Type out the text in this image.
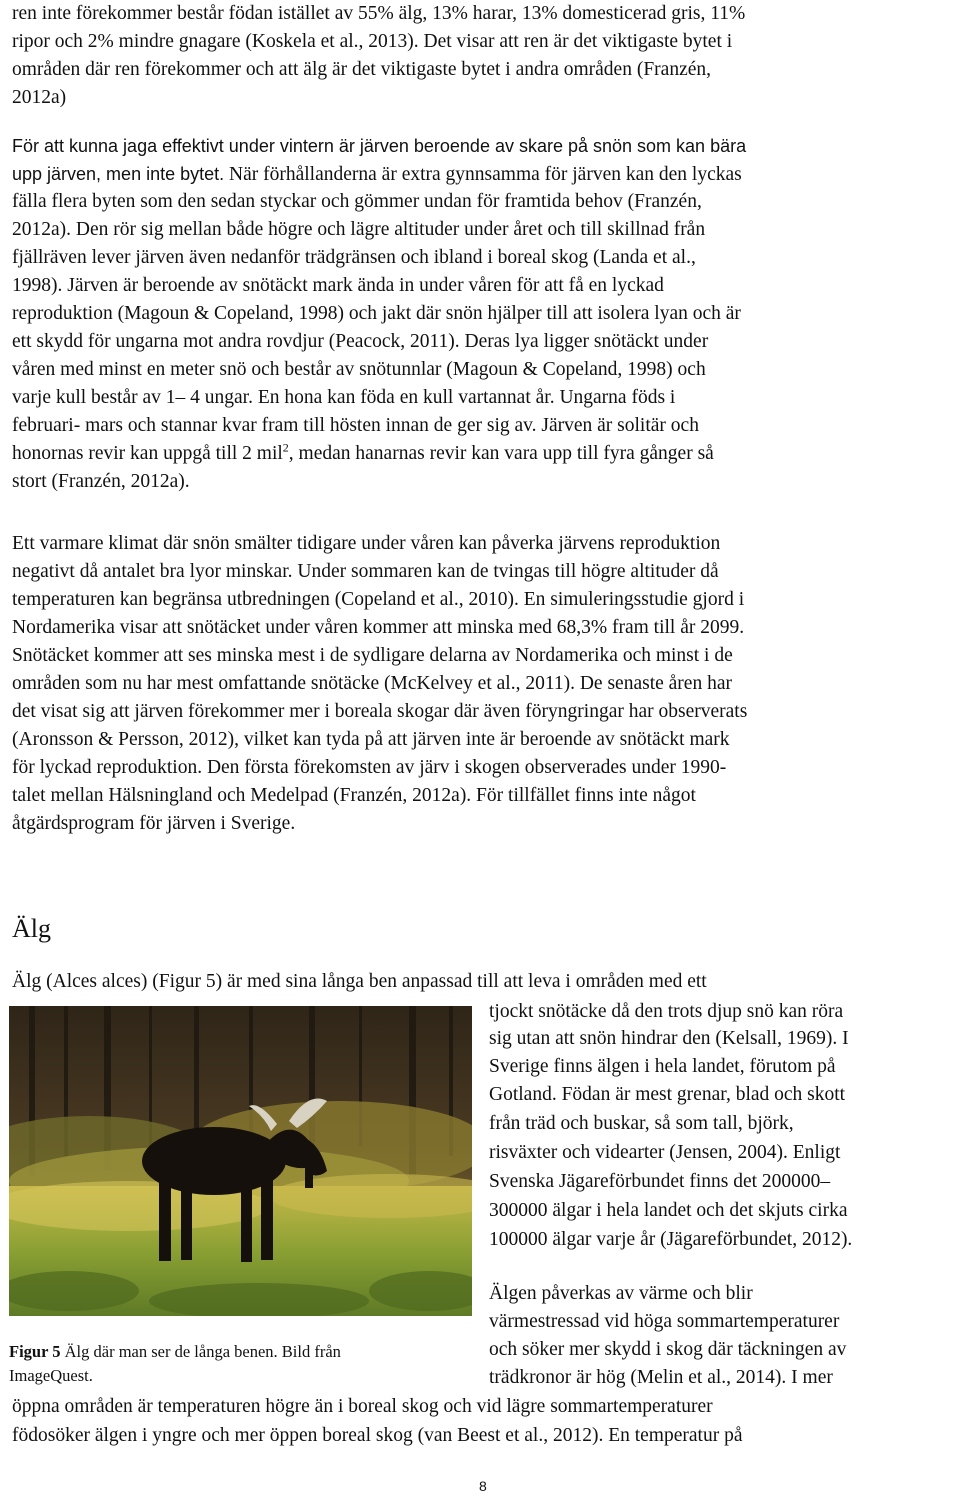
ren inte förekommer består födan istället av 55% älg, 13% harar, 13% domesticerad gris, 11%
ripor och 2% mindre gnagare (Koskela et al., 2013). Det visar att ren är det viktigaste bytet i
områden där ren förekommer och att älg är det viktigaste bytet i andra områden (Franzén,
2012a)
För att kunna jaga effektivt under vintern är järven beroende av skare på snön som kan bära
upp järven, men inte bytet. När förhållanderna är extra gynnsamma för järven kan den lyckas
fälla flera byten som den sedan styckar och gömmer undan för framtida behov (Franzén,
2012a). Den rör sig mellan både högre och lägre altituder under året och till skillnad från
fjällräven lever järven även nedanför trädgränsen och ibland i boreal skog (Landa et al.,
1998). Järven är beroende av snötäckt mark ända in under våren för att få en lyckad
reproduktion (Magoun & Copeland, 1998) och jakt där snön hjälper till att isolera lyan och är
ett skydd för ungarna mot andra rovdjur (Peacock, 2011). Deras lya ligger snötäckt under
våren med minst en meter snö och består av snötunnlar (Magoun & Copeland, 1998) och
varje kull består av 1– 4 ungar. En hona kan föda en kull vartannat år. Ungarna föds i
februari- mars och stannar kvar fram till hösten innan de ger sig av. Järven är solitär och
honornas revir kan uppgå till 2 mil$^2$, medan hanarnas revir kan vara upp till fyra gånger så
stort (Franzén, 2012a).
Ett varmare klimat där snön smälter tidigare under våren kan påverka järvens reproduktion
negativt då antalet bra lyor minskar. Under sommaren kan de tvingas till högre altituder då
temperaturen kan begränsa utbredningen (Copeland et al., 2010). En simuleringsstudie gjord i
Nordamerika visar att snötäcket under våren kommer att minska med 68,3% fram till år 2099.
Snötäcket kommer att ses minska mest i de sydligare delarna av Nordamerika och minst i de
områden som nu har mest omfattande snötäcke (McKelvey et al., 2011). De senaste åren har
det visat sig att järven förekommer mer i boreala skogar där även föryngringar har observerats
(Aronsson & Persson, 2012), vilket kan tyda på att järven inte är beroende av snötäckt mark
för lyckad reproduktion. Den första förekomsten av järv i skogen observerades under 1990-
talet mellan Hälsningland och Medelpad (Franzén, 2012a). För tillfället finns inte något
åtgärdsprogram för järven i Sverige.
Älg
Älg (Alces alces) (Figur 5) är med sina långa ben anpassad till att leva i områden med ett
tjockt snötäcke då den trots djup snö kan röra
sig utan att snön hindrar den (Kelsall, 1969). I
Sverige finns älgen i hela landet, förutom på
Gotland. Födan är mest grenar, blad och skott
från träd och buskar, så som tall, björk,
risväxter och videarter (Jensen, 2004). Enligt
Svenska Jägareförbundet finns det 200000–
300000 älgar i hela landet och det skjuts cirka
100000 älgar varje år (Jägareförbundet, 2012).
Älgen påverkas av värme och blir
värmestressad vid höga sommartemperaturer
och söker mer skydd i skog där täckningen av
trädkronor är hög (Melin et al., 2014). I mer
öppna områden är temperaturen högre än i boreal skog och vid lägre sommartemperaturer
födosöker älgen i yngre och mer öppen boreal skog (van Beest et al., 2012). En temperatur på
Figur 5 Älg där man ser de långa benen. Bild från
ImageQuest.
8
